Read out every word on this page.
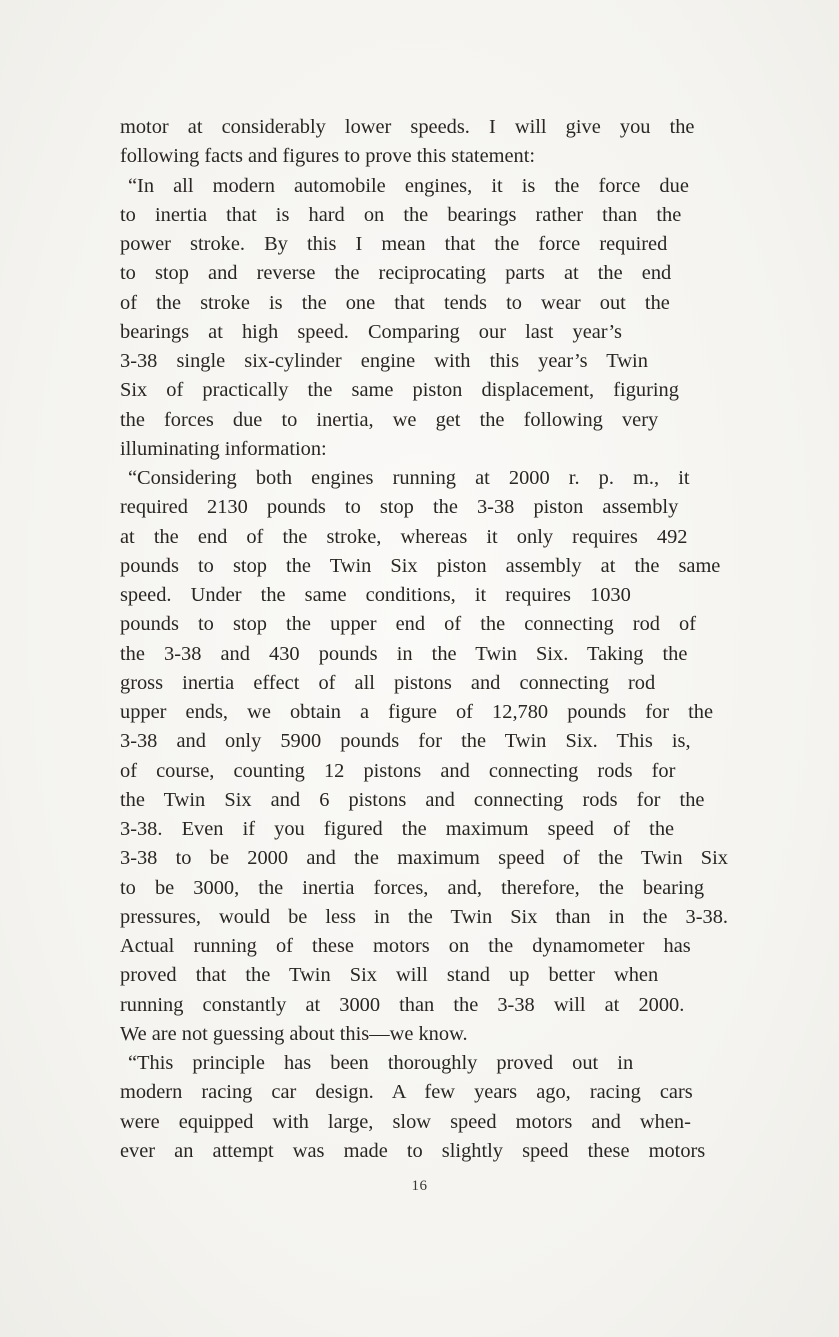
motor at considerably lower speeds. I will give you the
following facts and figures to prove this statement:
“In all modern automobile engines, it is the force due
to inertia that is hard on the bearings rather than the
power stroke. By this I mean that the force required
to stop and reverse the reciprocating parts at the end
of the stroke is the one that tends to wear out the
bearings at high speed. Comparing our last year’s
3-38 single six-cylinder engine with this year’s Twin
Six of practically the same piston displacement, figuring
the forces due to inertia, we get the following very
illuminating information:
“Considering both engines running at 2000 r. p. m., it
required 2130 pounds to stop the 3-38 piston assembly
at the end of the stroke, whereas it only requires 492
pounds to stop the Twin Six piston assembly at the same
speed. Under the same conditions, it requires 1030
pounds to stop the upper end of the connecting rod of
the 3-38 and 430 pounds in the Twin Six. Taking the
gross inertia effect of all pistons and connecting rod
upper ends, we obtain a figure of 12,780 pounds for the
3-38 and only 5900 pounds for the Twin Six. This is,
of course, counting 12 pistons and connecting rods for
the Twin Six and 6 pistons and connecting rods for the
3-38. Even if you figured the maximum speed of the
3-38 to be 2000 and the maximum speed of the Twin Six
to be 3000, the inertia forces, and, therefore, the bearing
pressures, would be less in the Twin Six than in the 3-38.
Actual running of these motors on the dynamometer has
proved that the Twin Six will stand up better when
running constantly at 3000 than the 3-38 will at 2000.
We are not guessing about this—we know.
“This principle has been thoroughly proved out in
modern racing car design. A few years ago, racing cars
were equipped with large, slow speed motors and when-
ever an attempt was made to slightly speed these motors
16
